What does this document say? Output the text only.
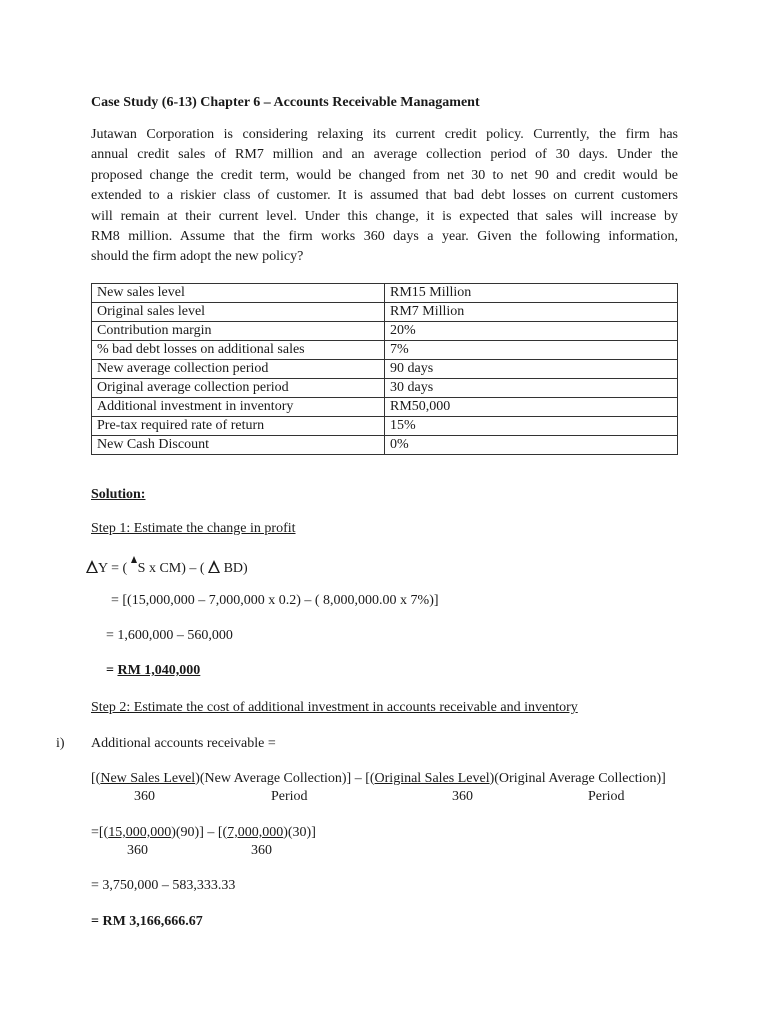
Case Study (6-13) Chapter 6 – Accounts Receivable Managament
Jutawan Corporation is considering relaxing its current credit policy. Currently, the firm has
annual credit sales of RM7 million and an average collection period of 30 days. Under the
proposed change the credit term, would be changed from net 30 to net 90 and credit would be
extended to a riskier class of customer. It is assumed that bad debt losses on current customers
will remain at their current level. Under this change, it is expected that sales will increase by
RM8 million. Assume that the firm works 360 days a year. Given the following information,
should the firm adopt the new policy?
New sales level	RM15 Million
Original sales level	RM7 Million
Contribution margin	20%
% bad debt losses on additional sales	7%
New average collection period	90 days
Original average collection period	30 days
Additional investment in inventory	RM50,000
Pre-tax required rate of return	15%
New Cash Discount	0%
Solution:
Step 1: Estimate the change in profit
Y = ( S x CM) – ( BD)
= [(15,000,000 – 7,000,000 x 0.2) – ( 8,000,000.00 x 7%)]
= 1,600,000 – 560,000
= RM 1,040,000
Step 2: Estimate the cost of additional investment in accounts receivable and inventory
i) Additional accounts receivable =
[(New Sales Level)(New Average Collection)] – [(Original Sales Level)(Original Average Collection)]
360	Period	360	Period
=[(15,000,000)(90)] – [(7,000,000)(30)]
360	360
= 3,750,000 – 583,333.33
= RM 3,166,666.67
